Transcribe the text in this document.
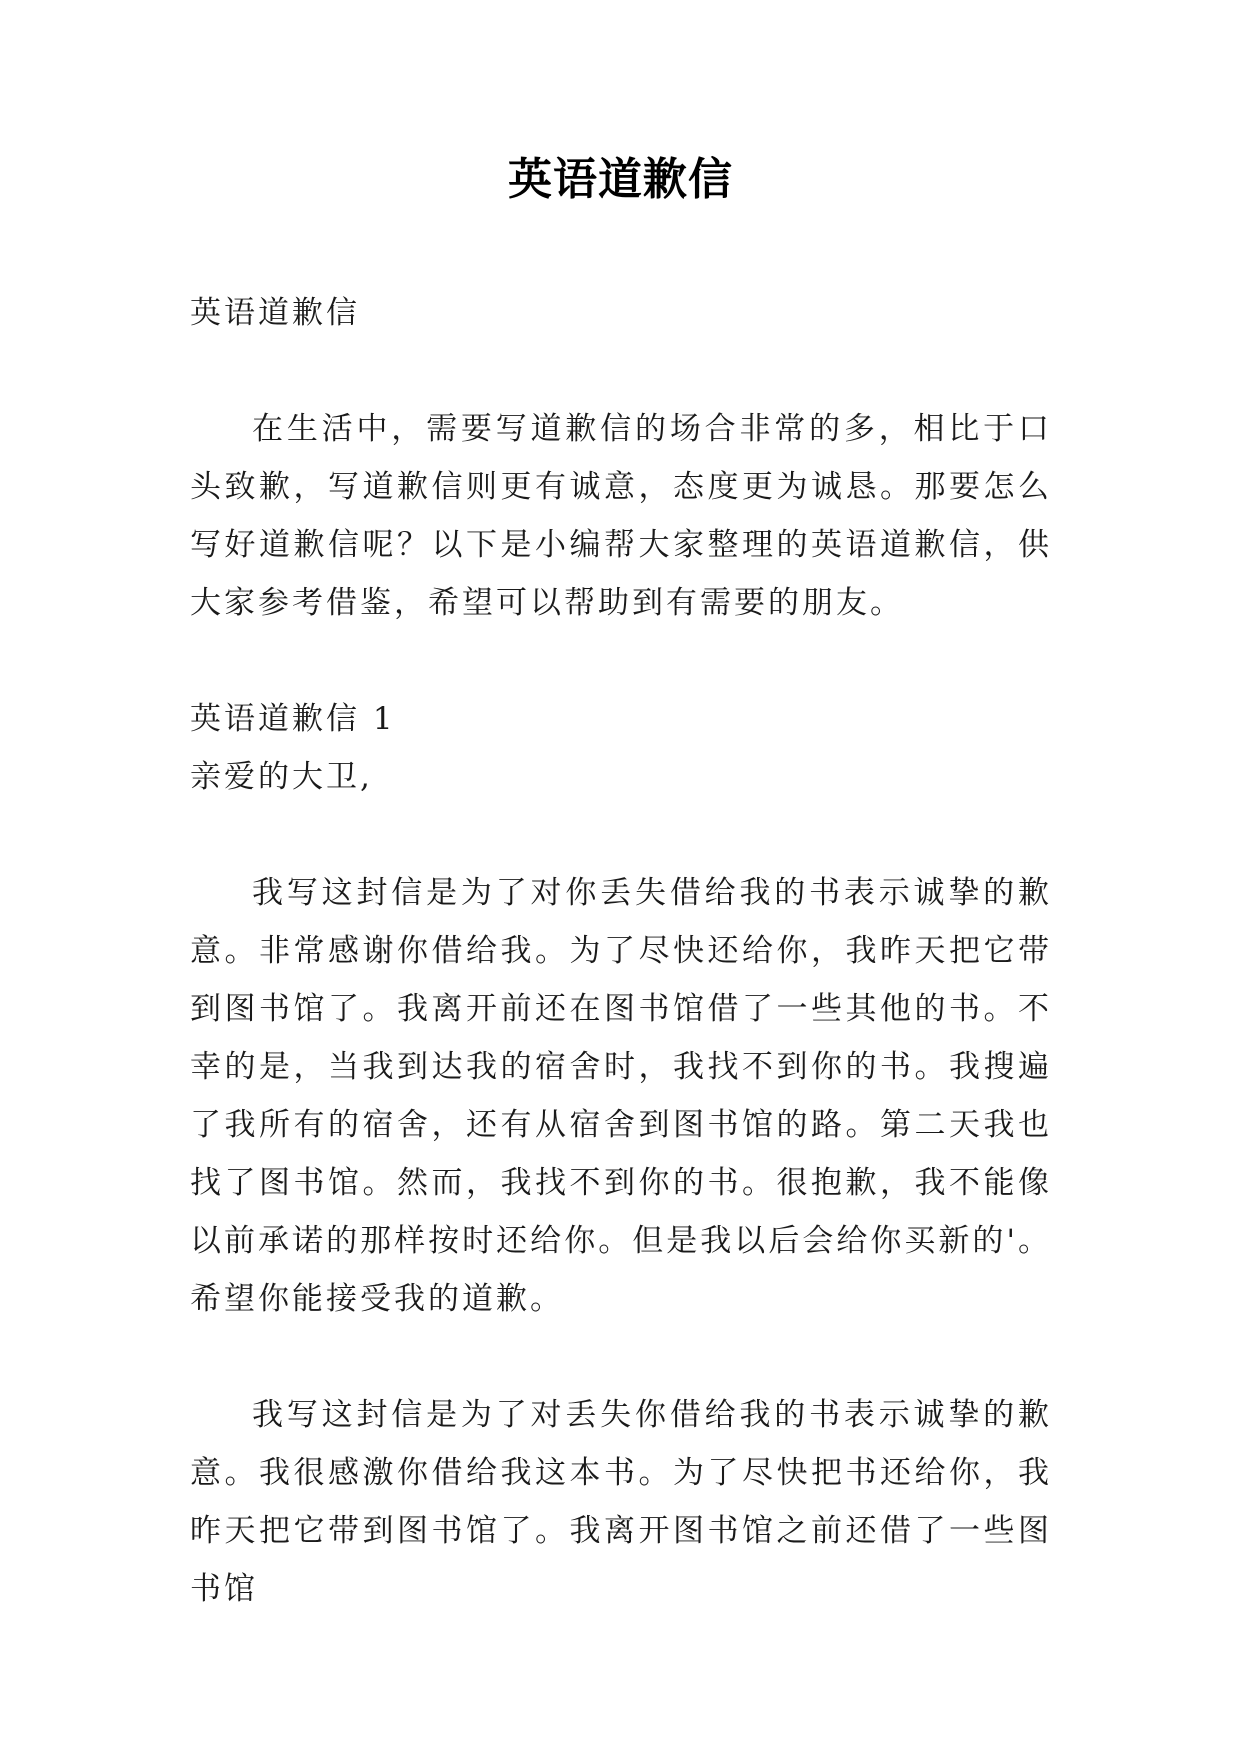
英语道歉信

英语道歉信

在生活中，需要写道歉信的场合非常的多，相比于口头致歉，写道歉信则更有诚意，态度更为诚恳。那要怎么写好道歉信呢？以下是小编帮大家整理的英语道歉信，供大家参考借鉴，希望可以帮助到有需要的朋友。

英语道歉信 1

亲爱的大卫,

我写这封信是为了对你丢失借给我的书表示诚挚的歉意。非常感谢你借给我。为了尽快还给你，我昨天把它带到图书馆了。我离开前还在图书馆借了一些其他的书。不幸的是，当我到达我的宿舍时，我找不到你的书。我搜遍了我所有的宿舍，还有从宿舍到图书馆的路。第二天我也找了图书馆。然而，我找不到你的书。很抱歉，我不能像以前承诺的那样按时还给你。但是我以后会给你买新的'。希望你能接受我的道歉。

我写这封信是为了对丢失你借给我的书表示诚挚的歉意。我很感激你借给我这本书。为了尽快把书还给你，我昨天把它带到图书馆了。我离开图书馆之前还借了一些图书馆
